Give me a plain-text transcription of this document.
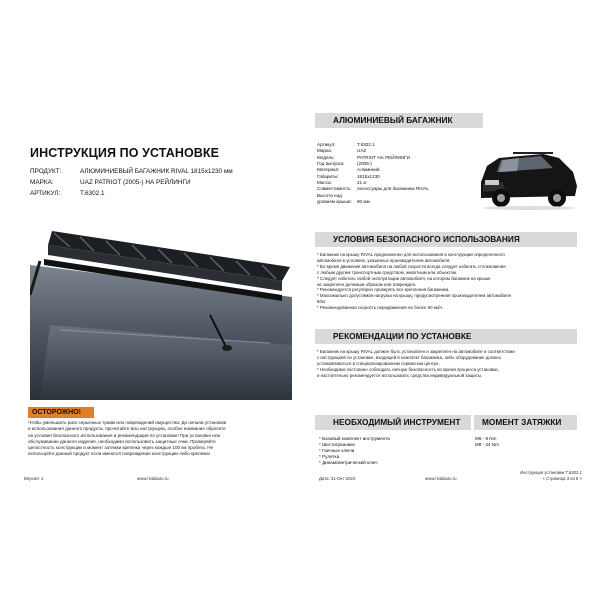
ИНСТРУКЦИЯ ПО УСТАНОВКЕ
ПРОДУКТ:	АЛЮМИНИЕВЫЙ БАГАЖНИК RIVAL 1815х1230 мм
МАРКА:	UAZ PATRIOT (2005-) НА РЕЙЛИНГИ
АРТИКУЛ:	T.6302.1
ОСТОРОЖНО!
Чтобы уменьшить риск серьезных травм или повреждений имущества: До начала установки
и использования данного продукта, прочитайте всю инструкцию, особое внимание обратите
на условия безопасного использования и рекомендации по установке! При установке или
обслуживании данного изделия, необходимо использовать защитные очки. Проверяйте
целостность конструкции и момент затяжки крепежа через каждые 100 км пробега. Не
используйте данный продукт если имеются повреждения конструкции либо крепежа!
Версия: 1	www.rivalauto.ru
АЛЮМИНИЕВЫЙ БАГАЖНИК
Артикул:	T.6302.1
Марка:	UAZ
Модель:	PATRIOT НА РЕЙЛИНГИ
Год выпуска:	(2005-)
Материал:	Алюминий
Габариты:	1815х1230
Масса:	21 кг
Совместимость: Аксессуары для багажника RIVAL
Высота над
уровнем крыши: 90 мм
УСЛОВИЯ БЕЗОПАСНОГО ИСПОЛЬЗОВАНИЯ
* Багажник на крышу RIVAL предназначен для использования в конструкции определенного
автомобиля в условиях, указанных производителем автомобиля.
* Во время движения автомобиля на любой скорости всегда следует избегать столкновения
с любым другим транспортным средством, животным или объектом.
* Следует избегать любой эксплуатации автомобиля, на котором багажник на крыше
не закреплен должным образом или поврежден.
* Рекомендуется регулярно проверять все крепления багажника.
* Максимально допустимая нагрузка на крышу, предусмотренная производителем автомобиля
50кг.
* Рекомендованная скорость передвижения не более 90 км/ч.
РЕКОМЕНДАЦИИ ПО УСТАНОВКЕ
* Багажник на крышу RIVAL должен быть установлен и закреплен на автомобиле в соответствии
с инструкцией по установке, входящей в комплект багажника, либо оборудование должно
устанавливаться в специализированном сервисном центре.
* Необходимо постоянно соблюдать личную безопасность во время процесса установки,
и настоятельно рекомендуется использовать средства индивидуальной защиты.
НЕОБХОДИМЫЙ ИНСТРУМЕНТ	МОМЕНТ ЗАТЯЖКИ
* Базовый комплект инструмента
* Шестигранники
* Гаечные ключи
* Рулетка
* Динамометрический ключ
M6 - 9 Nm
M8 - 24 Nm
Дата: 31-Окт-2022	www.rivalauto.ru
Инструкция установки T.6302.1
< Страница 3 из 8 >
